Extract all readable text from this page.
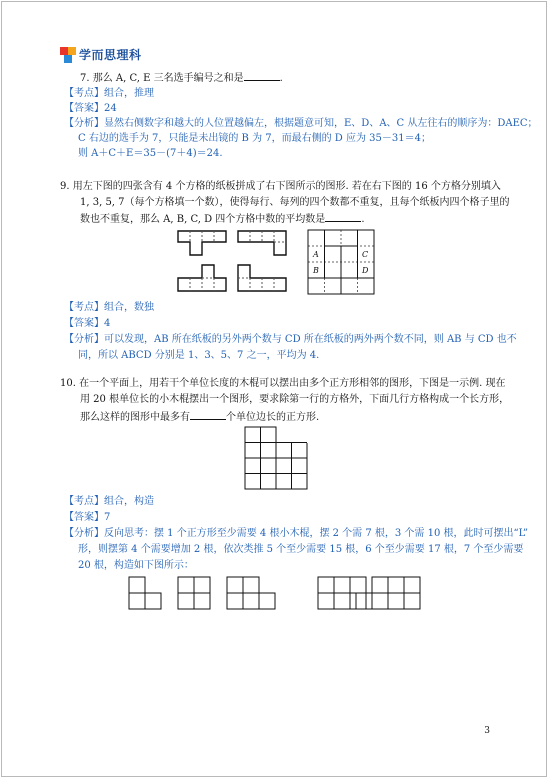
学而思理科
7. 那么 A, C, E 三名选手编号之和是	.
【考点】组合，推理
【答案】24
【分析】显然右侧数字和越大的人位置越偏左，根据题意可知，E、D、A、C 从左往右的顺序为：DAEC；
C 右边的选手为 7，只能是未出镜的 B 为 7，而最右侧的 D 应为 35－31＝4；
则 A＋C＋E＝35－(7＋4)＝24.
9. 用左下图的四张含有 4 个方格的纸板拼成了右下图所示的图形. 若在右下图的 16 个方格分别填入
1, 3, 5, 7（每个方格填一个数），使得每行、每列的四个数都不重复，且每个纸板内四个格子里的
数也不重复，那么 A, B, C, D 四个方格中数的平均数是	.
A	C
B	D
【考点】组合，数独
【答案】4
【分析】可以发现，AB 所在纸板的另外两个数与 CD 所在纸板的两外两个数不同，则 AB 与 CD 也不
同，所以 ABCD 分别是 1、3、5、7 之一，平均为 4.
10. 在一个平面上，用若干个单位长度的木棍可以摆出由多个正方形相邻的图形，下图是一示例. 现在
用 20 根单位长的小木棍摆出一个图形，要求除第一行的方格外，下面几行方格构成一个长方形，
那么这样的图形中最多有	个单位边长的正方形.
【考点】组合，构造
【答案】7
【分析】反向思考：摆 1 个正方形至少需要 4 根小木棍，摆 2 个需 7 根，3 个需 10 根，此时可摆出“L”
形，则摆第 4 个需要增加 2 根，依次类推 5 个至少需要 15 根，6 个至少需要 17 根，7 个至少需要
20 根，构造如下图所示：
3
